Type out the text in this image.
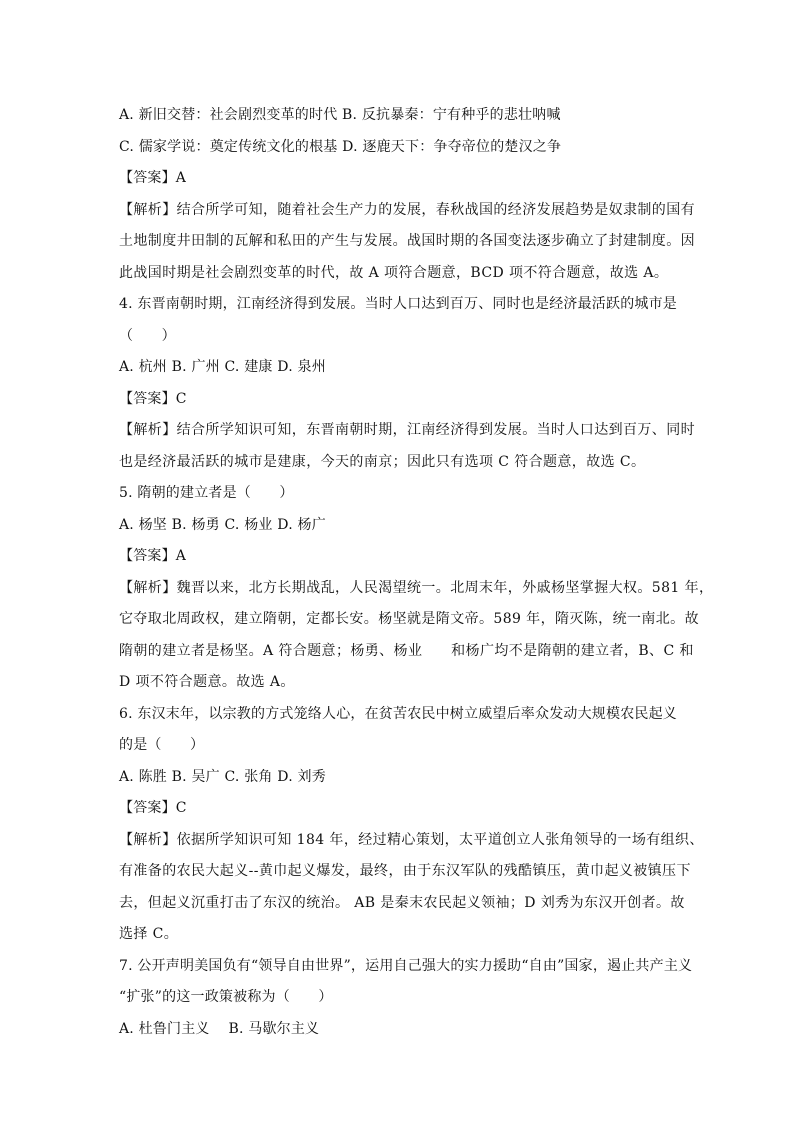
A. 新旧交替：社会剧烈变革的时代 B. 反抗暴秦：宁有种乎的悲壮呐喊
C. 儒家学说：奠定传统文化的根基 D. 逐鹿天下：争夺帝位的楚汉之争
【答案】A
【解析】结合所学可知，随着社会生产力的发展，春秋战国的经济发展趋势是奴隶制的国有
土地制度井田制的瓦解和私田的产生与发展。战国时期的各国变法逐步确立了封建制度。因
此战国时期是社会剧烈变革的时代，故 A 项符合题意，BCD 项不符合题意，故选 A。
4. 东晋南朝时期，江南经济得到发展。当时人口达到百万、同时也是经济最活跃的城市是
（　　）
A. 杭州 B. 广州 C. 建康 D. 泉州
【答案】C
【解析】结合所学知识可知，东晋南朝时期，江南经济得到发展。当时人口达到百万、同时
也是经济最活跃的城市是建康，今天的南京；因此只有选项 C 符合题意，故选 C。
5. 隋朝的建立者是（　　）
A. 杨坚 B. 杨勇 C. 杨业 D. 杨广
【答案】A
【解析】魏晋以来，北方长期战乱，人民渴望统一。北周末年，外戚杨坚掌握大权。581 年，
它夺取北周政权，建立隋朝，定都长安。杨坚就是隋文帝。589 年，隋灭陈，统一南北。故
隋朝的建立者是杨坚。A 符合题意；杨勇、杨业　　和杨广均不是隋朝的建立者，B、C 和
D 项不符合题意。故选 A。
6. 东汉末年，以宗教的方式笼络人心，在贫苦农民中树立威望后率众发动大规模农民起义
的是（　　）
A. 陈胜 B. 吴广 C. 张角 D. 刘秀
【答案】C
【解析】依据所学知识可知 184 年，经过精心策划，太平道创立人张角领导的一场有组织、
有准备的农民大起义--黄巾起义爆发，最终，由于东汉军队的残酷镇压，黄巾起义被镇压下
去，但起义沉重打击了东汉的统治。 AB 是秦末农民起义领袖；D 刘秀为东汉开创者。故
选择 C。
7. 公开声明美国负有“领导自由世界”，运用自己强大的实力援助“自由”国家，遏止共产主义
“扩张”的这一政策被称为（　　）
A. 杜鲁门主义　 B. 马歇尔主义
